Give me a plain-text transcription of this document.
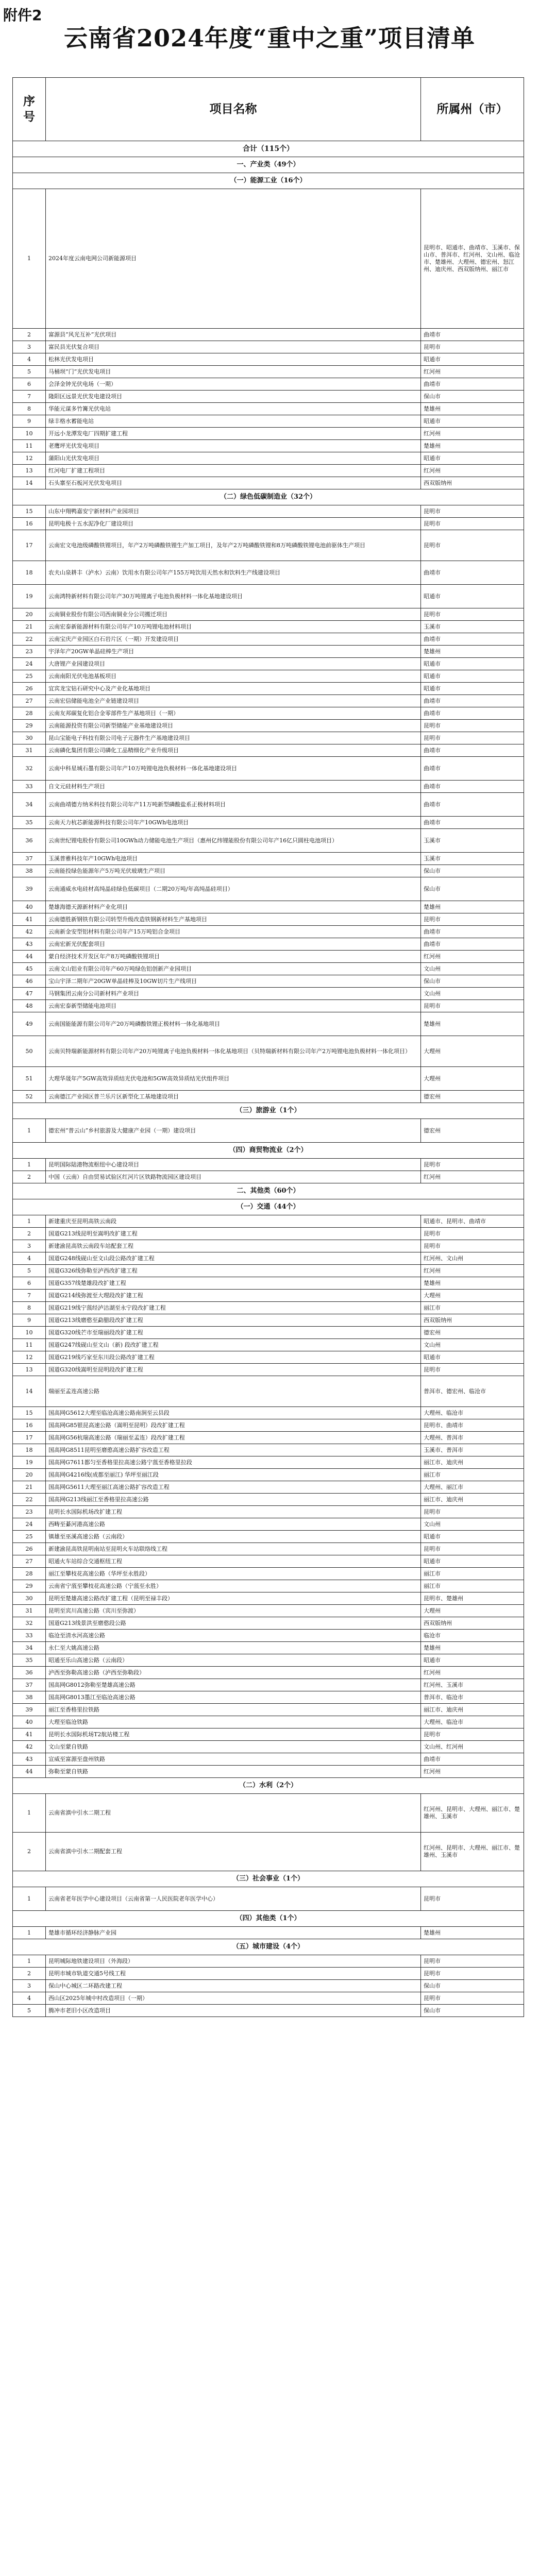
附件2
云南省2024年度“重中之重”项目清单
序
号	项目名称	所属州（市）
合计（115个）		
一、产业类（49个）		
（一）能源工业（16个）		
1	2024年度云南电网公司新能源项目	昆明市、昭通市、曲靖市、玉溪市、保山市、普洱市、红河州、文山州、临沧市、楚雄州、大理州、德宏州、怒江州、迪庆州、西双版纳州、丽江市
2	富源县“风光互补”光伏项目	曲靖市
3	富民县光伏复合项目	昆明市
4	松林光伏发电项目	昭通市
5	马桶坝“门”光伏发电项目	红河州
6	会泽金钟光伏电场（一期）	曲靖市
7	隆阳区远景光伏发电建设项目	保山市
8	华能元谋多竹篝光伏电站	楚雄州
9	绿丰格水蓄能电站	昭通市
10	开远小龙潭发电厂四期扩建工程	红河州
11	老鹰坪光伏发电项目	楚雄州
12	蒲阳山光伏发电项目	昭通市
13	红河电厂扩建工程项目	红河州
14	石头寨至石板河光伏发电项目	西双版纳州
（二）绿色低碳制造业（32个）		
15	山东中翔鸭嘉安宁新材料产业园项目	昆明市
16	昆明电极十五水泥净化厂建设项目	昆明市
17	云南宏文电池级磷酸铁锂项目，年产2万吨磷酸铁锂生产加工项目，及年产2万吨磷酸铁锂和8万吨磷酸铁锂电池前驱体生产项目	昆明市
18	农夫山泉耕丰（泸水）云南）饮用水有限公司年产155万吨饮用天然水和饮料生产线建设项目	曲靖市
19	云南鸿特新材料有限公司年产30万吨锂离子电池负极材料一体化基地建设项目	昭通市
20	云南铜业股份有限公司西南铜业分公司搬迁项目	昆明市
21	云南宏泰新能源材料有限公司年产10万吨锂电池材料项目	玉溪市
22	云南宝庆产业园区白石岩片区（一期）开发建设项目	曲靖市
23	宇泽年产20GW单晶硅棒生产项目	楚雄州
24	大唐锂产业园建设项目	昭通市
25	云南南阳光伏电池基板项目	昭通市
26	宜宾龙宝钻石研究中心及产业化基地项目	昭通市
27	云南宏信储能电池全产业链建设项目	曲靖市
28	云南友邦碳复化铝合金零部件生产基地项目（一期）	曲靖市
29	云南能源投资有限公司新型储能产业基地建设项目	昆明市
30	昆山宝能电子科技有限公司电子元器件生产基地建设项目	昆明市
31	云南磷化集团有限公司磷化工品精细化产业升级项目	曲靖市
32	云南中科星城石墨有限公司年产10万吨锂电池负极材料一体化基地建设项目	曲靖市
33	自文元硅材料生产项目	曲靖市
34	云南曲靖德方纳米科技有限公司年产11万吨新型磷酸盐系正极材料项目	曲靖市
35	云南天力杭芯新能源科技有限公司年产10GWh电池项目	曲靖市
36	云南世纪锂电股份有限公司10GWh动力储能电池生产项目（惠州亿纬锂能股份有限公司年产16亿只圆柱电池项目）	玉溪市
37	玉溪普雅科技年产10GWh电池项目	玉溪市
38	云南能投绿色能源年产5万吨光伏玻璃生产项目	保山市
39	云南通威水电硅材高纯晶硅绿色低碳项目（二期20万吨/年高纯晶硅项目）	保山市
40	楚雄海德天源新材料产业化项目	楚雄州
41	云南德胜新钢铁有限公司转型升级改造铁钢新材料生产基地项目	昆明市
42	云南新金安型铝材料有限公司年产15万吨铝合金项目	曲靖市
43	云南宏新光伏配套项目	曲靖市
44	蒙自经济技术开发区年产8万吨磷酸铁锂项目	红河州
45	云南文山铝业有限公司年产60万吨绿色铝创新产业园项目	文山州
46	宝山宇泽二期年产20GW单晶硅棒及10GW切片生产线项目	保山市
47	马钢集团云南分公司新材料产业项目	文山州
48	云南宏泰新型储能电池项目	昆明市
49	云南国能能源有限公司年产20万吨磷酸铁锂正极材料一体化基地项目	楚雄州
50	云南贝特瑞新能源材料有限公司年产20万吨锂离子电池负极材料一体化基地项目（贝特瑞新材料有限公司年产2万吨锂电池负极材料一体化项目）	大理州
51	大理华晟年产5GW高效异质结光伏电池和5GW高效异质结光伏组件项目	大理州
52	云南德江产业园区普兰乐片区新型化工基地建设项目	德宏州
（三）旅游业（1个）		
1	德宏州“普云山”乡村旅游及大健康产业园（一期）建设项目	德宏州
（四）商贸物流业（2个）		
1	昆明国际陆港物流枢纽中心建设项目	昆明市
2	中国（云南）自由贸易试验区红河片区铁路物流园区建设项目	红河州
二、其他类（60个）		
（一）交通（44个）		
1	新建重庆至昆明高铁云南段	昭通市、昆明市、曲靖市
2	国道G213线昆明至嵩明改扩建工程	昆明市
3	新建渝昆高铁云南段车站配套工程	昆明市
4	国道G248线砚山至文山段公路改扩建工程	红河州、文山州
5	国道G326线弥勒至泸西改扩建工程	红河州
6	国道G357线楚雄段改扩建工程	楚雄州
7	国道G214线弥渡至大理段改扩建工程	大理州
8	国道G219线宁蒗经泸沽湖至永宁段改扩建工程	丽江市
9	国道G213线磨憨至勐腊段改扩建工程	西双版纳州
10	国道G320线芒市至瑞丽段改扩建工程	德宏州
11	国道G247线砚山至文山（新) 段改扩建工程	文山州
12	国道G219线巧家至东川段公路改扩建工程	昭通市
13	国道G320线嵩明至昆明段改扩建工程	昆明市
14	瑞丽至孟连高速公路	普洱市、德宏州、临沧市
15	国高网G5612大理至临沧高速公路南涧至云县段	大理州、临沧市
16	国高网G85银昆高速公路（嵩明至昆明）段改扩建工程	昆明市、曲靖市
17	国高网G56杭瑞高速公路（瑞丽至孟连）段改扩建工程	大理州、普洱市
18	国高网G8511昆明至磨憨高速公路扩容改造工程	玉溪市、普洱市
19	国高网G7611都匀至香格里拉高速公路宁蒗至香格里拉段	丽江市、迪庆州
20	国高网G4216线(成都至丽江) 华坪至丽江段	丽江市
21	国高网G5611大理至丽江高速公路扩容改造工程	大理州、丽江市
22	国高网G213线丽江至香格里拉高速公路	丽江市、迪庆州
23	昆明长水国际机场改扩建工程	昆明市
24	西畴至綦河港高速公路	文山州
25	镇雄至巫溪高速公路（云南段）	昭通市
26	新建渝昆高铁昆明南站至昆明火车站联络线工程	昆明市
27	昭通火车站综合交通枢纽工程	昭通市
28	丽江至攀枝花高速公路（华坪至永胜段）	丽江市
29	云南省宁蒗至攀枝花高速公路（宁蒗至永胜）	丽江市
30	昆明至楚雄高速公路改扩建工程（昆明至禄丰段）	昆明市、楚雄州
31	昆明至宾川高速公路（宾川至弥渡）	大理州
32	国道G213线景洪至磨憨段公路	西双版纳州
33	临沧至清水河高速公路	临沧市
34	永仁至大姚高速公路	楚雄州
35	昭通至乐山高速公路（云南段）	昭通市
36	泸西至弥勒高速公路（泸西至弥勒段）	红河州
37	国高网G8012弥勒至楚雄高速公路	红河州、玉溪市
38	国高网G8013墨江至临沧高速公路	普洱市、临沧市
39	丽江至香格里拉铁路	丽江市、迪庆州
40	大理至临沧铁路	大理州、临沧市
41	昆明长水国际机场T2航站楼工程	昆明市
42	文山至蒙自铁路	文山州、红河州
43	宣威至富源至盘州铁路	曲靖市
44	弥勒至蒙自铁路	红河州
（二）水利（2个）		
1	云南省滇中引水二期工程	红河州、昆明市、大理州、丽江市、楚雄州、玉溪市
2	云南省滇中引水二期配套工程	红河州、昆明市、大理州、丽江市、楚雄州、玉溪市
（三）社会事业（1个）		
1	云南省老年医学中心建设项目（云南省第一人民医院老年医学中心）	昆明市
（四）其他类（1个）		
1	楚雄市循环经济静脉产业园	楚雄州
（五）城市建设（4个）		
1	昆明城际地铁建设项目（外海段）	昆明市
2	昆明市城市轨道交通5号线工程	昆明市
3	保山中心城区二环路改建工程	保山市
4	西山区2025年城中村改造项目（一期）	昆明市
5	腾冲市老旧小区改造项目	保山市
